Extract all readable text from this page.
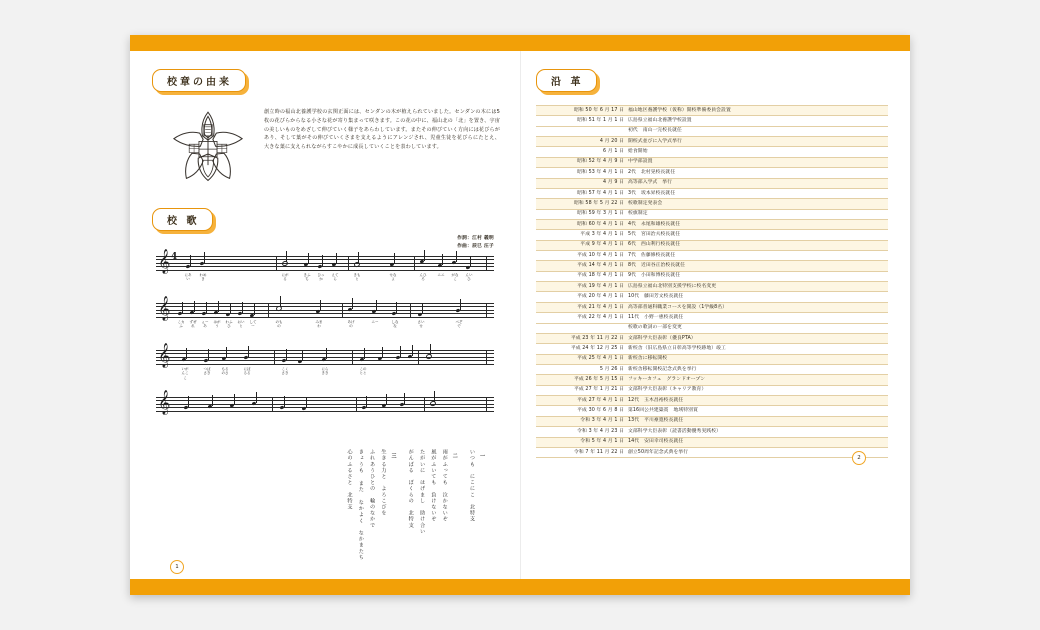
校章の由来

創立時の福山北養護学校の玄関正面には、センダンの木が植えられていました。センダンの木には5枚の花びらからなる小さな花が寄り集まって咲きます。この花の中に、福山北の「北」を置き、宇宙の美しいものをめざして伸びていく様子をあらわしています。またその伸びていく方向には花びらがあり、そして葉がその伸びていくさまを支えるようにアレンジされ、児童生徒を花びらにたとえ、大きな葉に支えられながらすこやかに成長していくことを表わしています。

校 歌
作詞：江村 義明
作曲：辰巳 汪子
𝄞 4

にあい
わめき
にがる
きふち
ひっか
えてら
きもと
せなよ
んひろ
ニニ がなこ
んいひ
𝄞
こカふ
ずぜれ
ぇーあ
はがう
わふひ
おいと
してー
のもの
みまわ
あげの
ニー	しなな
さいせ
べぞで
𝄞
いがんここ
つばさき
もるのさ
にぼるる
こくさき
にらきき
このとと
𝄞
一
いつも　にこにこ　北特支
二
雨がふっても　泣かないぞ
風がふいても　負けないぞ
たがいに　はげまし　助け合い
がんばる　ぼくらの　北特支
三
生きる力と　よろこびを
ふれあうひとの　輪のなかで
きょうも また なかよく　なかまたち
心のふるさと　北特支
1
沿 革
昭和 50 年 6 月 17 日	福山地区養護学校（仮称）開校準備委員会設置
昭和 51 年 1 月 1 日	広島県立福山北養護学校設置
	初代　南山一完校長就任
4 月 20 日	開校式並びに入学式挙行
6 月 1 日	給食開始
昭和 52 年 4 月 9 日	中学部設置
昭和 53 年 4 月 1 日	2代　北村晃校長就任
4 月 9 日	高等部入学式　挙行
昭和 57 年 4 月 1 日	3代　坂本昇校長就任
昭和 58 年 5 月 22 日	校歌制定発表会
昭和 59 年 3 月 1 日	校旗制定
昭和 60 年 4 月 1 日	4代　永尾和雄校長就任
平成 3 年 4 月 1 日	5代　宮田治夫校長就任
平成 9 年 4 月 1 日	6代　西山利行校長就任
平成 10 年 4 月 1 日	7代　佐藤修校長就任
平成 14 年 4 月 1 日	8代　近田谷正治校長就任
平成 18 年 4 月 1 日	9代　小田和博校長就任
平成 19 年 4 月 1 日	広島県立福山北特別支援学校に校名変更
平成 20 年 4 月 1 日	10代　藤田芳文校長就任
平成 21 年 4 月 1 日	高等部普通科職業コースを開設（1学級8名）
平成 22 年 4 月 1 日	11代　小野一惠校長就任
	校歌の歌詞の一部を変更
平成 23 年 11 月 22 日	文部科学大臣表彰（優良PTA）
平成 24 年 12 月 25 日	新校舎（旧広島県立日彰高等学校跡地）竣工
平成 25 年 4 月 1 日	新校舎に移転開校
5 月 26 日	新校舎移転開校記念式典を挙行
平成 26 年 5 月 15 日	フッキーカフェ　グランドオープン
平成 27 年 1 月 21 日	文部科学大臣表彰（キャリア教育）
平成 27 年 4 月 1 日	12代　玉木昌裕校長就任
平成 30 年 6 月 8 日	第16回公共建築賞　地域特別賞
令和 3 年 4 月 1 日	13代　平川豪寛校長就任
令和 3 年 4 月 23 日	文部科学大臣表彰（読書活動優秀実践校）
令和 5 年 4 月 1 日	14代　安田幸司校長就任
令和 7 年 11 月 22 日	創立50周年記念式典を挙行
2
